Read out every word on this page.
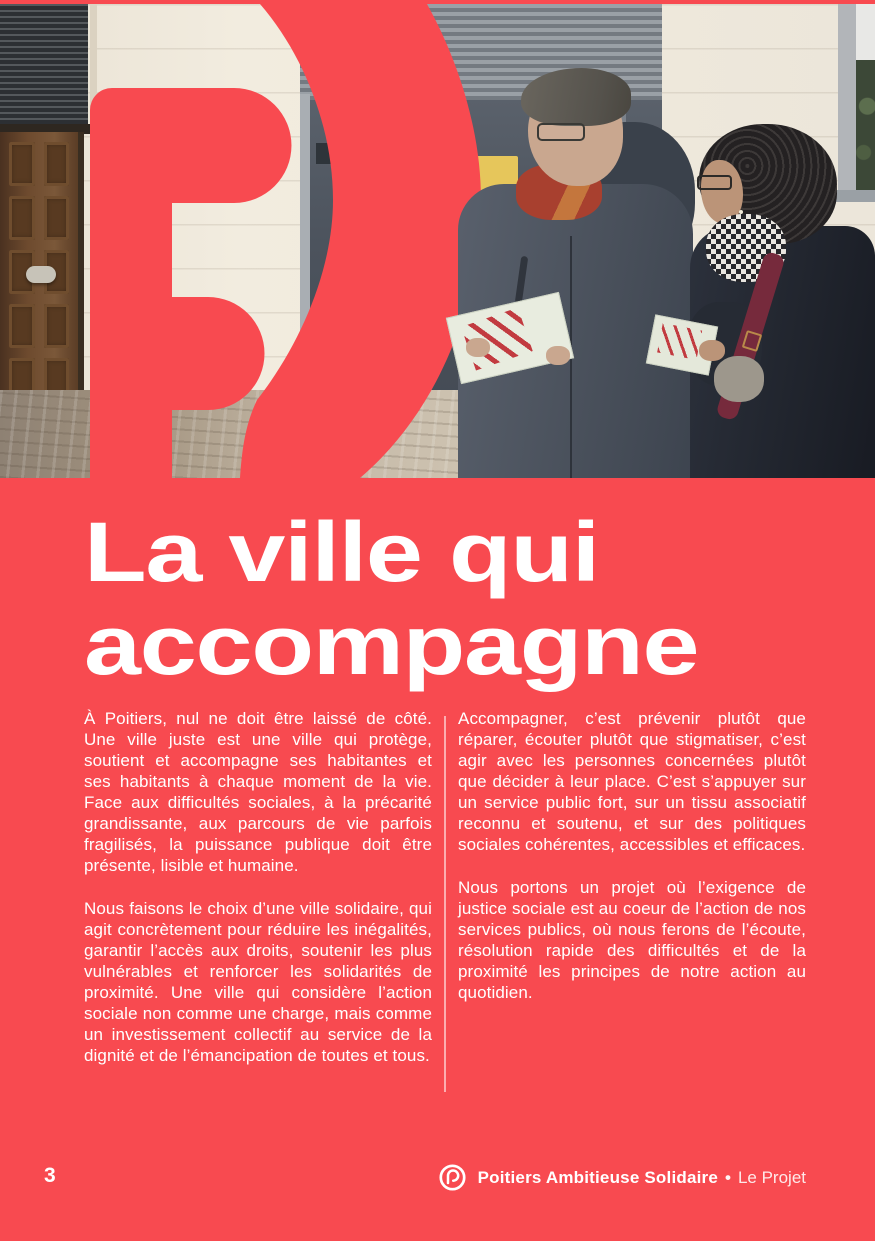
La ville qui
accompagne

À Poitiers, nul ne doit être laissé de côté. Une ville juste est une ville qui protège, soutient et accompagne ses habitantes et ses habitants à chaque moment de la vie. Face aux difficultés sociales, à la précarité grandissante, aux parcours de vie parfois fragilisés, la puissance publique doit être présente, lisible et humaine.

Nous faisons le choix d’une ville solidaire, qui agit concrètement pour réduire les inégalités, garantir l’accès aux droits, soutenir les plus vulnérables et renforcer les solidarités de proximité. Une ville qui considère l’action sociale non comme une charge, mais comme un investissement collectif au service de la dignité et de l’émancipation de toutes et tous.

Accompagner, c’est prévenir plutôt que réparer, écouter plutôt que stigmatiser, c’est agir avec les personnes concernées plutôt que décider à leur place. C’est s’appuyer sur un service public fort, sur un tissu associatif reconnu et soutenu, et sur des politiques sociales cohérentes, accessibles et efficaces.

Nous portons un projet où l’exigence de justice sociale est au coeur de l’action de nos services publics, où nous ferons de l’écoute, résolution rapide des difficultés et de la proximité les principes de notre action au quotidien.

3	Poitiers Ambitieuse Solidaire • Le Projet
